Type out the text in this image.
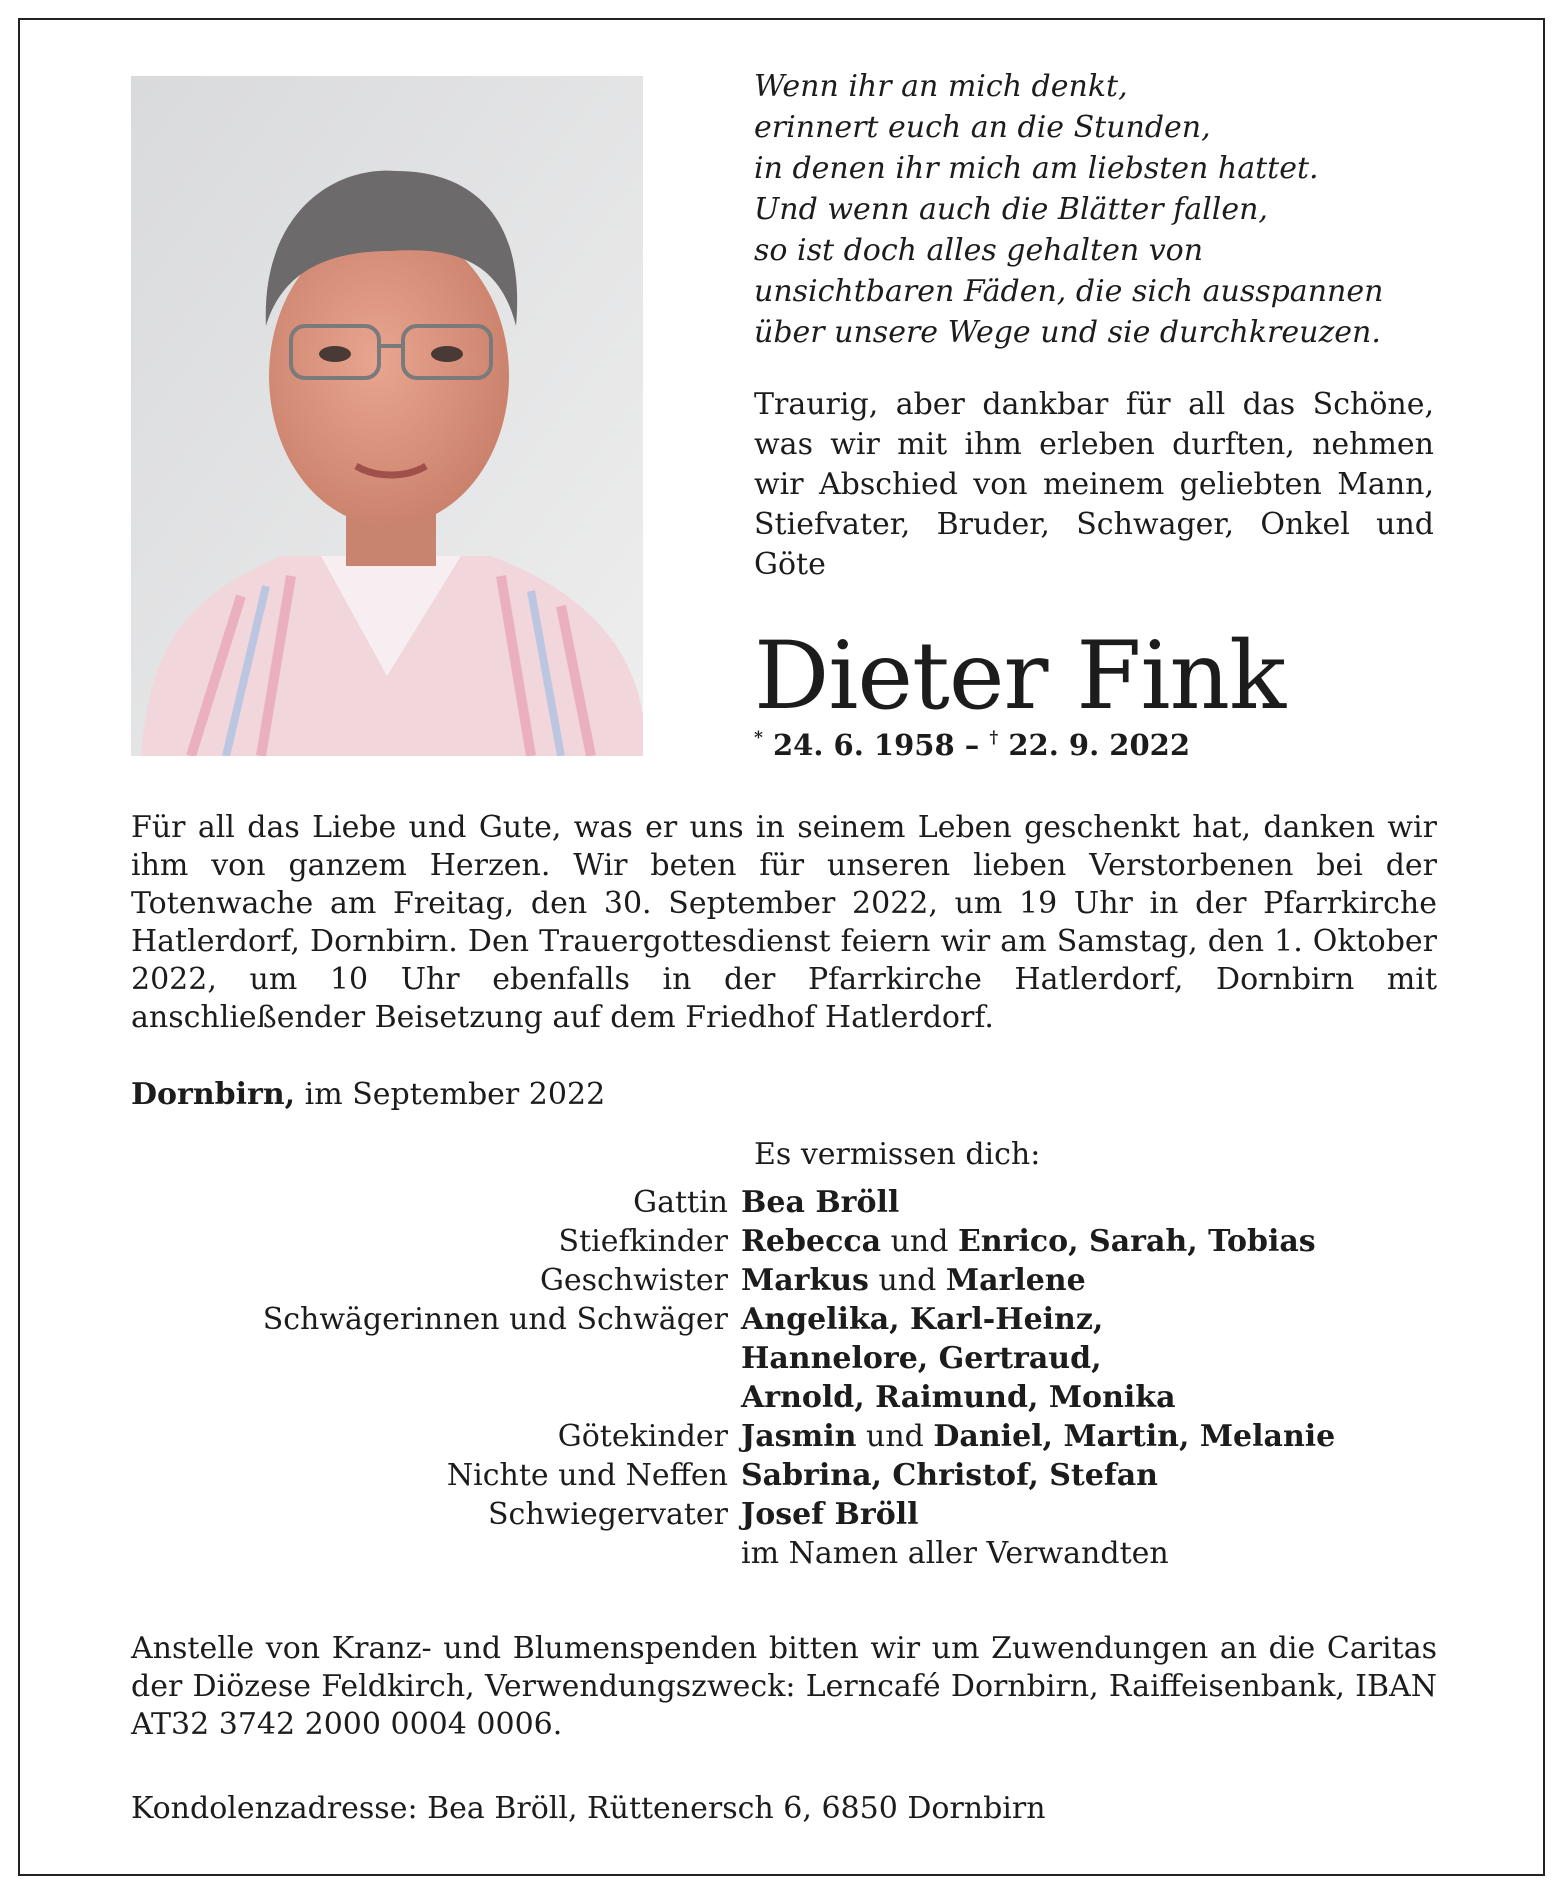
Wenn ihr an mich denkt,
erinnert euch an die Stunden,
in denen ihr mich am liebsten hattet.
Und wenn auch die Blätter fallen,
so ist doch alles gehalten von
unsichtbaren Fäden, die sich ausspannen
über unsere Wege und sie durchkreuzen.

Traurig, aber dankbar für all das Schöne, was wir mit ihm erleben durften, nehmen wir Abschied von meinem geliebten Mann, Stiefvater, Bruder, Schwager, Onkel und Göte

Dieter Fink
* 24. 6. 1958 – † 22. 9. 2022

Für all das Liebe und Gute, was er uns in seinem Leben geschenkt hat, danken wir ihm von ganzem Herzen. Wir beten für unseren lieben Verstorbenen bei der Totenwache am Freitag, den 30. September 2022, um 19 Uhr in der Pfarrkirche Hatlerdorf, Dornbirn. Den Trauergottesdienst feiern wir am Samstag, den 1. Oktober 2022, um 10 Uhr ebenfalls in der Pfarrkirche Hatlerdorf, Dornbirn mit anschließender Beisetzung auf dem Friedhof Hatlerdorf.

Dornbirn, im September 2022
Es vermissen dich:
Gattin Bea Bröll
Stiefkinder Rebecca und Enrico, Sarah, Tobias
Geschwister Markus und Marlene
Schwägerinnen und Schwäger Angelika, Karl-Heinz,
Hannelore, Gertraud,
Arnold, Raimund, Monika
Götekinder Jasmin und Daniel, Martin, Melanie
Nichte und Neffen Sabrina, Christof, Stefan
Schwiegervater Josef Bröll
im Namen aller Verwandten

Anstelle von Kranz- und Blumenspenden bitten wir um Zuwendungen an die Caritas der Diözese Feldkirch, Verwendungszweck: Lerncafé Dornbirn, Raiffeisenbank, IBAN AT32 3742 2000 0004 0006.

Kondolenzadresse: Bea Bröll, Rüttenersch 6, 6850 Dornbirn
